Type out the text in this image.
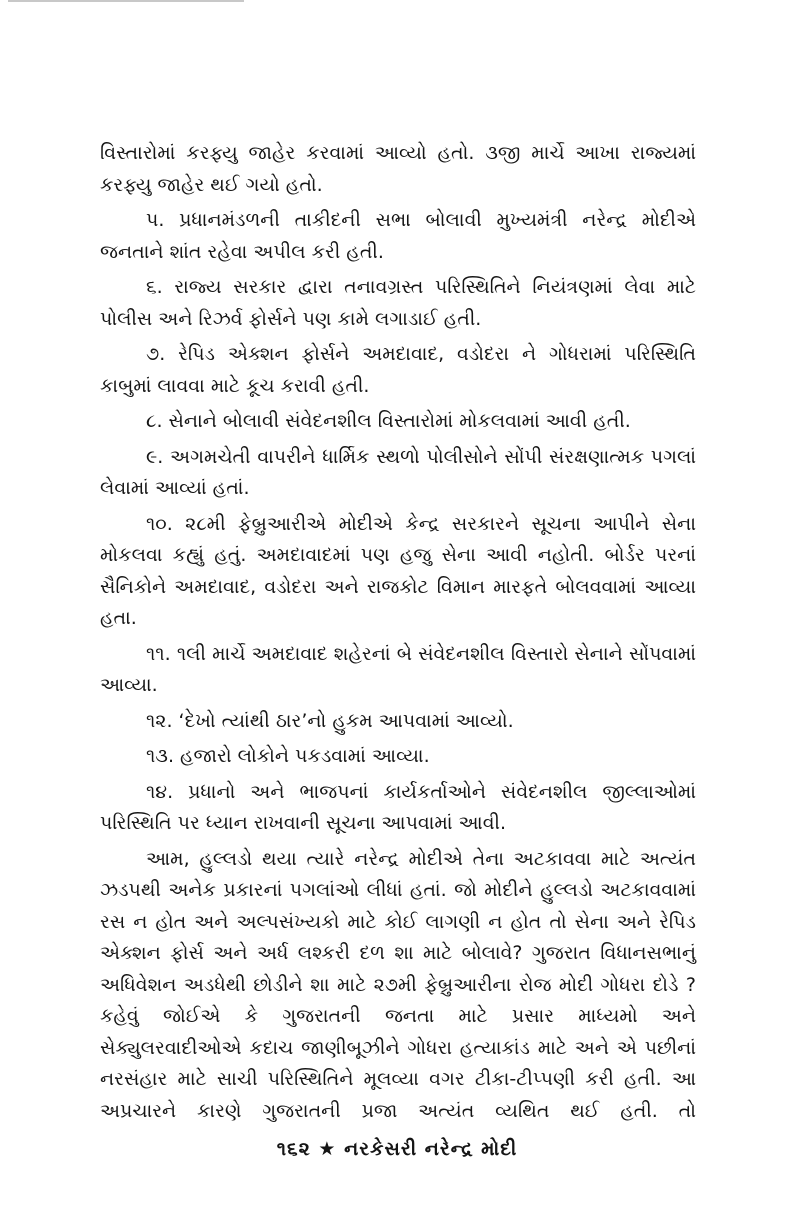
વિસ્તારોમાં કરફ્યુ જાહેર કરવામાં આવ્યો હતો. ૩જી માર્ચે આખા રાજ્યમાં કરફ્યુ જાહેર થઈ ગયો હતો.

પ. પ્રધાનમંડળની તાકીદની સભા બોલાવી મુખ્યમંત્રી નરેન્દ્ર મોદીએ જનતાને શાંત રહેવા અપીલ કરી હતી.

૬. રાજ્ય સરકાર દ્વારા તનાવગ્રસ્ત પરિસ્થિતિને નિયંત્રણમાં લેવા માટે પોલીસ અને રિઝર્વ ફોર્સને પણ કામે લગાડાઈ હતી.

૭. રેપિડ એક્શન ફોર્સને અમદાવાદ, વડોદરા ને ગોધરામાં પરિસ્થિતિ કાબુમાં લાવવા માટે કૂચ કરાવી હતી.

૮. સેનાને બોલાવી સંવેદનશીલ વિસ્તારોમાં મોકલવામાં આવી હતી.

૯. અગમચેતી વાપરીને ધાર્મિક સ્થળો પોલીસોને સોંપી સંરક્ષણાત્મક પગલાં લેવામાં આવ્યાં હતાં.

૧૦. ૨૮મી ફેબ્રુઆરીએ મોદીએ કેન્દ્ર સરકારને સૂચના આપીને સેના મોકલવા કહ્યું હતું. અમદાવાદમાં પણ હજુ સેના આવી નહોતી. બોર્ડર પરનાં સૈનિકોને અમદાવાદ, વડોદરા અને રાજકોટ વિમાન મારફતે બોલવવામાં આવ્યા હતા.

૧૧. ૧લી માર્ચે અમદાવાદ શહેરનાં બે સંવેદનશીલ વિસ્તારો સેનાને સોંપવામાં આવ્યા.

૧૨. ‘દેખો ત્યાંથી ઠાર’નો હુકમ આપવામાં આવ્યો.

૧૩. હજારો લોકોને પકડવામાં આવ્યા.

૧૪. પ્રધાનો અને ભાજપનાં કાર્યકર્તાઓને સંવેદનશીલ જીલ્લાઓમાં પરિસ્થિતિ પર ધ્યાન રાખવાની સૂચના આપવામાં આવી.

આમ, હુલ્લડો થયા ત્યારે નરેન્દ્ર મોદીએ તેના અટકાવવા માટે અત્યંત ઝડપથી અનેક પ્રકારનાં પગલાંઓ લીધાં હતાં. જો મોદીને હુલ્લડો અટકાવવામાં રસ ન હોત અને અલ્પસંખ્યકો માટે કોઈ લાગણી ન હોત તો સેના અને રેપિડ એક્શન ફોર્સ અને અર્ધ લશ્કરી દળ શા માટે બોલાવે? ગુજરાત વિધાનસભાનું અધિવેશન અડધેથી છોડીને શા માટે ૨૭મી ફેબ્રુઆરીના રોજ મોદી ગોધરા દોડે ? કહેવું જોઈએ કે ગુજરાતની જનતા માટે પ્રસાર માધ્યમો અને સેક્યુલરવાદીઓએ કદાચ જાણીબૂઝીને ગોધરા હત્યાકાંડ માટે અને એ પછીનાં નરસંહાર માટે સાચી પરિસ્થિતિને મૂલવ્યા વગર ટીકા-ટીપ્પણી કરી હતી. આ અપ્રચારને કારણે ગુજરાતની પ્રજા અત્યંત વ્યથિત થઈ હતી. તો

૧૬૨ ★ નરકેસરી નરેન્દ્ર મોદી
